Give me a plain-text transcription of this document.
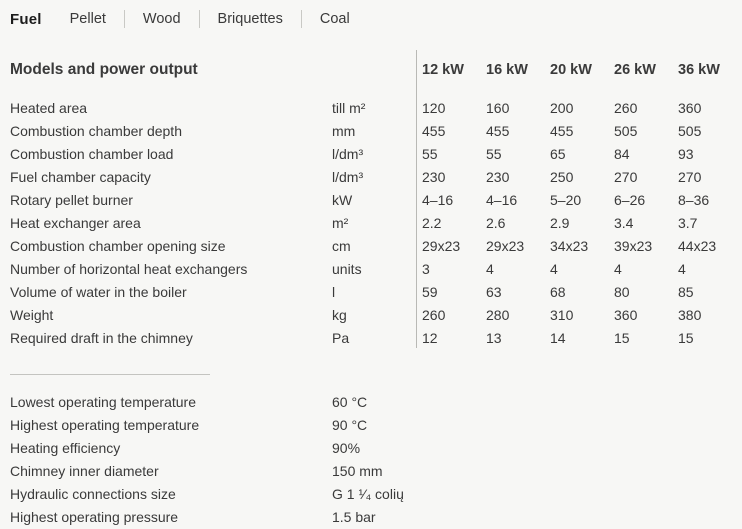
Fuel Pellet	Wood	Briquettes	Coal
Models and power output		12 kW	16 kW	20 kW	26 kW	36 kW
Heated area	till m²	120	160	200	260	360
Combustion chamber depth	mm	455	455	455	505	505
Combustion chamber load	l/dm³	55	55	65	84	93
Fuel chamber capacity	l/dm³	230	230	250	270	270
Rotary pellet burner	kW	4–16	4–16	5–20	6–26	8–36
Heat exchanger area	m²	2.2	2.6	2.9	3.4	3.7
Combustion chamber opening size	cm	29x23	29x23	34x23	39x23	44x23
Number of horizontal heat exchangers	units	3	4	4	4	4
Volume of water in the boiler	l	59	63	68	80	85
Weight	kg	260	280	310	360	380
Required draft in the chimney	Pa	12	13	14	15	15
Lowest operating temperature	60 °C
Highest operating temperature	90 °C
Heating efficiency	90%
Chimney inner diameter	150 mm
Hydraulic connections size	G 1 ¹⁄₄ colių
Highest operating pressure	1.5 bar
